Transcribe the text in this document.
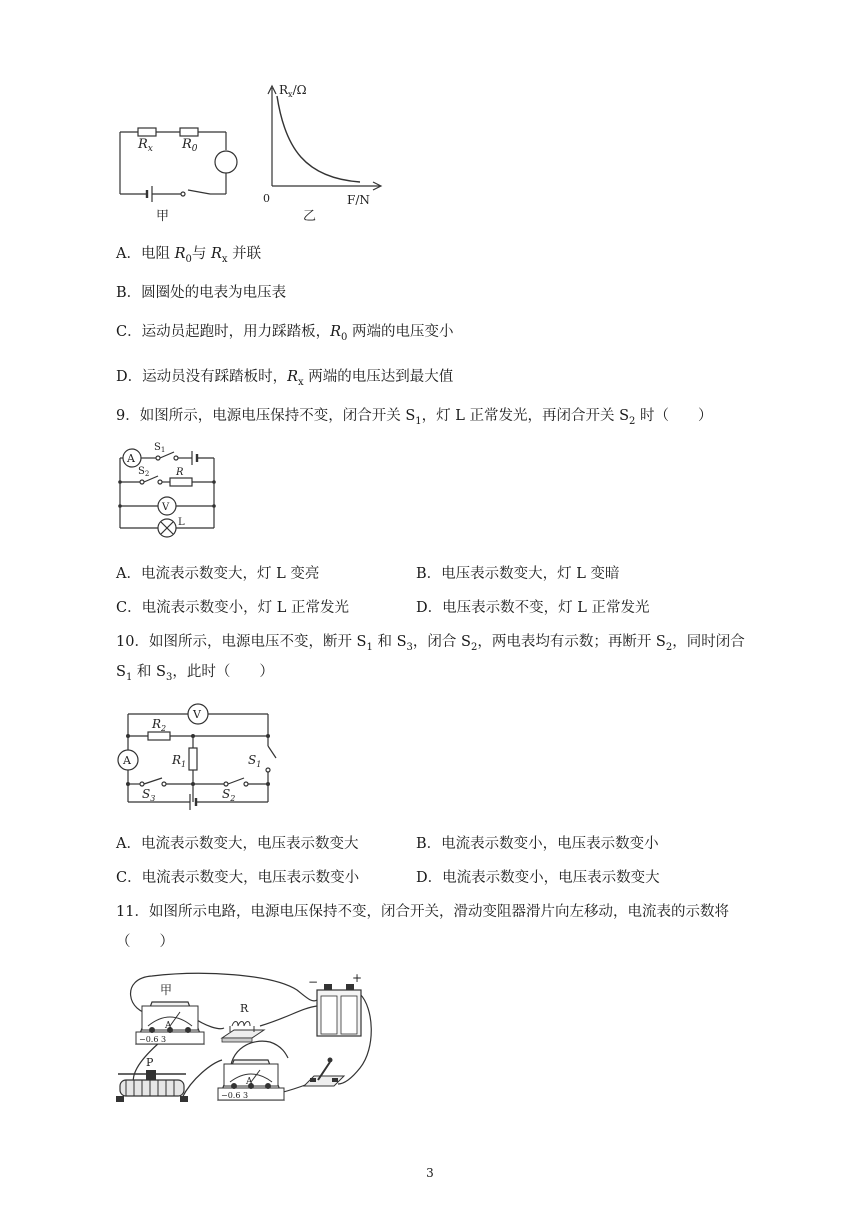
$R_x$ $R_0$
甲
$R_x/\Omega$
0	F/N
乙
A．电阻 $R_0$与 $R_x$ 并联
B．圆圈处的电表为电压表
C．运动员起跑时，用力踩踏板，$R_0$ 两端的电压变小
D．运动员没有踩踏板时，$R_x$ 两端的电压达到最大值
9．如图所示，电源电压保持不变，闭合开关 $S_1$，灯 L 正常发光，再闭合开关 $S_2$ 时（　　）
A
V
$S_1$
$S_2$	R
L
A．电流表示数变大，灯 L 变亮	B．电压表示数变大，灯 L 变暗
C．电流表示数变小，灯 L 正常发光	D．电压表示数不变，灯 L 正常发光
10．如图所示，电源电压不变，断开 $S_1$ 和 $S_3$，闭合 $S_2$，两电表均有示数；再断开 $S_2$，同时闭合
$S_1$ 和 $S_3$，此时（　　）
V
A
$R_2$
$R_1$	$S_1$
$S_2$
$S_3$
A．电流表示数变大，电压表示数变大	B．电流表示数变小，电压表示数变小
C．电流表示数变大，电压表示数变小	D．电流表示数变小，电压表示数变大
11．如图所示电路，电源电压保持不变，闭合开关，滑动变阻器滑片向左移动，电流表的示数将
（　　）
甲
A
−0.6 3
R
−	+
P
A
−0.6 3
3
